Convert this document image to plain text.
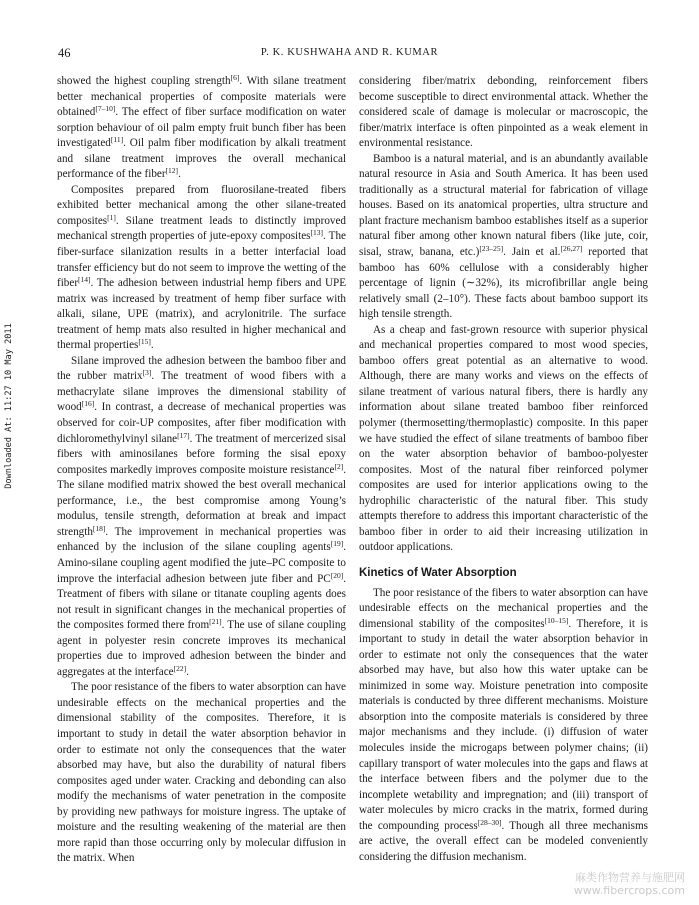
46	P. K. KUSHWAHA AND R. KUMAR
Downloaded At: 11:27 10 May 2011

showed the highest coupling strength[6]. With silane treatment better mechanical properties of composite materials were obtained[7–10]. The effect of fiber surface modification on water sorption behaviour of oil palm empty fruit bunch fiber has been investigated[11]. Oil palm fiber modification by alkali treatment and silane treatment improves the overall mechanical performance of the fiber[12].

Composites prepared from fluorosilane-treated fibers exhibited better mechanical among the other silane-treated composites[1]. Silane treatment leads to distinctly improved mechanical strength properties of jute-epoxy composites[13]. The fiber-surface silanization results in a better interfacial load transfer efficiency but do not seem to improve the wetting of the fiber[14]. The adhesion between industrial hemp fibers and UPE matrix was increased by treatment of hemp fiber surface with alkali, silane, UPE (matrix), and acrylonitrile. The surface treatment of hemp mats also resulted in higher mechanical and thermal properties[15].

Silane improved the adhesion between the bamboo fiber and the rubber matrix[3]. The treatment of wood fibers with a methacrylate silane improves the dimensional stability of wood[16]. In contrast, a decrease of mechanical properties was observed for coir-UP composites, after fiber modification with dichloromethylvinyl silane[17]. The treatment of mercerized sisal fibers with aminosilanes before forming the sisal epoxy composites markedly improves composite moisture resistance[2]. The silane modified matrix showed the best overall mechanical performance, i.e., the best compromise among Young’s modulus, tensile strength, deformation at break and impact strength[18]. The improvement in mechanical properties was enhanced by the inclusion of the silane coupling agents[19]. Amino-silane coupling agent modified the jute–PC composite to improve the interfacial adhesion between jute fiber and PC[20]. Treatment of fibers with silane or titanate coupling agents does not result in significant changes in the mechanical properties of the composites formed there from[21]. The use of silane coupling agent in polyester resin concrete improves its mechanical properties due to improved adhesion between the binder and aggregates at the interface[22].

The poor resistance of the fibers to water absorption can have undesirable effects on the mechanical properties and the dimensional stability of the composites. Therefore, it is important to study in detail the water absorption behavior in order to estimate not only the consequences that the water absorbed may have, but also the durability of natural fibers composites aged under water. Cracking and debonding can also modify the mechanisms of water penetration in the composite by providing new pathways for moisture ingress. The uptake of moisture and the resulting weakening of the material are then more rapid than those occurring only by molecular diffusion in the matrix. When

considering fiber/matrix debonding, reinforcement fibers become susceptible to direct environmental attack. Whether the considered scale of damage is molecular or macroscopic, the fiber/matrix interface is often pinpointed as a weak element in environmental resistance.

Bamboo is a natural material, and is an abundantly available natural resource in Asia and South America. It has been used traditionally as a structural material for fabrication of village houses. Based on its anatomical properties, ultra structure and plant fracture mechanism bamboo establishes itself as a superior natural fiber among other known natural fibers (like jute, coir, sisal, straw, banana, etc.)[23–25]. Jain et al.[26,27] reported that bamboo has 60% cellulose with a considerably higher percentage of lignin (∼32%), its microfibrillar angle being relatively small (2–10°). These facts about bamboo support its high tensile strength.

As a cheap and fast-grown resource with superior physical and mechanical properties compared to most wood species, bamboo offers great potential as an alternative to wood. Although, there are many works and views on the effects of silane treatment of various natural fibers, there is hardly any information about silane treated bamboo fiber reinforced polymer (thermosetting/thermoplastic) composite. In this paper we have studied the effect of silane treatments of bamboo fiber on the water absorption behavior of bamboo-polyester composites. Most of the natural fiber reinforced polymer composites are used for interior applications owing to the hydrophilic characteristic of the natural fiber. This study attempts therefore to address this important characteristic of the bamboo fiber in order to aid their increasing utilization in outdoor applications.

Kinetics of Water Absorption

The poor resistance of the fibers to water absorption can have undesirable effects on the mechanical properties and the dimensional stability of the composites[10–15]. Therefore, it is important to study in detail the water absorption behavior in order to estimate not only the consequences that the water absorbed may have, but also how this water uptake can be minimized in some way. Moisture penetration into composite materials is conducted by three different mechanisms. Moisture absorption into the composite materials is considered by three major mechanisms and they include. (i) diffusion of water molecules inside the microgaps between polymer chains; (ii) capillary transport of water molecules into the gaps and flaws at the interface between fibers and the polymer due to the incomplete wetability and impregnation; and (iii) transport of water molecules by micro cracks in the matrix, formed during the compounding process[28–30]. Though all three mechanisms are active, the overall effect can be modeled conveniently considering the diffusion mechanism.

麻类作物营养与施肥网
www.fibercrops.com
